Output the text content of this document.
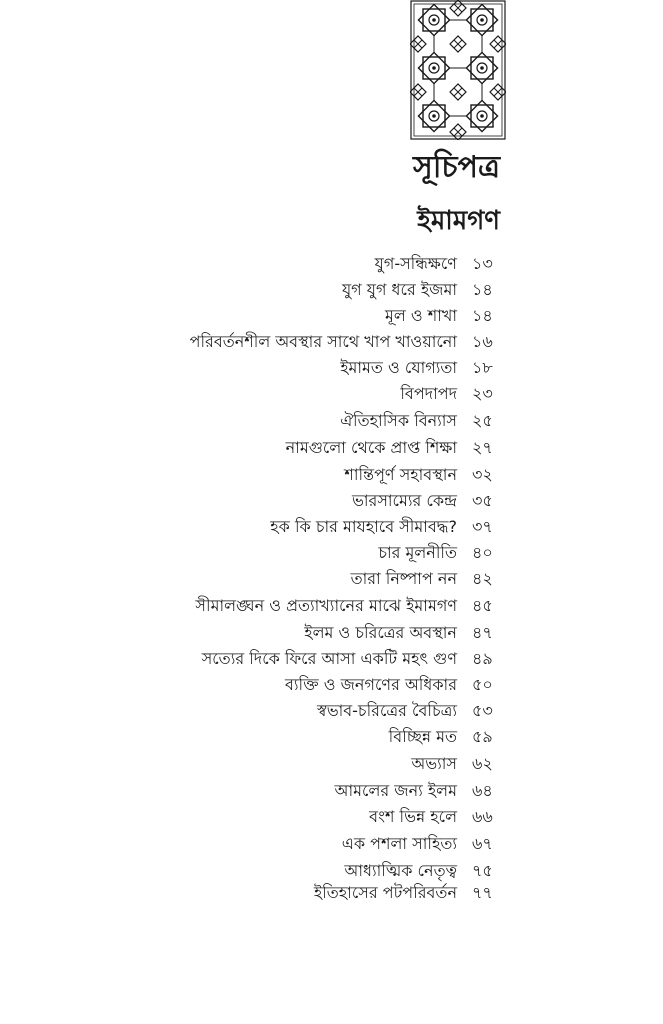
সূচিপত্র
ইমামগণ
যুগ-সন্ধিক্ষণে ১৩
যুগ যুগ ধরে ইজমা ১৪
মূল ও শাখা ১৪
পরিবর্তনশীল অবস্থার সাথে খাপ খাওয়ানো ১৬
ইমামত ও যোগ্যতা ১৮
বিপদাপদ ২৩
ঐতিহাসিক বিন্যাস ২৫
নামগুলো থেকে প্রাপ্ত শিক্ষা ২৭
শান্তিপূর্ণ সহাবস্থান ৩২
ভারসাম্যের কেন্দ্র ৩৫
হক কি চার মাযহাবে সীমাবদ্ধ? ৩৭
চার মূলনীতি ৪০
তারা নিষ্পাপ নন ৪২
সীমালঙ্ঘন ও প্রত্যাখ্যানের মাঝে ইমামগণ ৪৫
ইলম ও চরিত্রের অবস্থান ৪৭
সত্যের দিকে ফিরে আসা একটি মহৎ গুণ ৪৯
ব্যক্তি ও জনগণের অধিকার ৫০
স্বভাব-চরিত্রের বৈচিত্র্য ৫৩
বিচ্ছিন্ন মত ৫৯
অভ্যাস ৬২
আমলের জন্য ইলম ৬৪
বংশ ভিন্ন হলে ৬৬
এক পশলা সাহিত্য ৬৭
আধ্যাত্মিক নেতৃত্ব ৭৫
ইতিহাসের পটপরিবর্তন ৭৭
